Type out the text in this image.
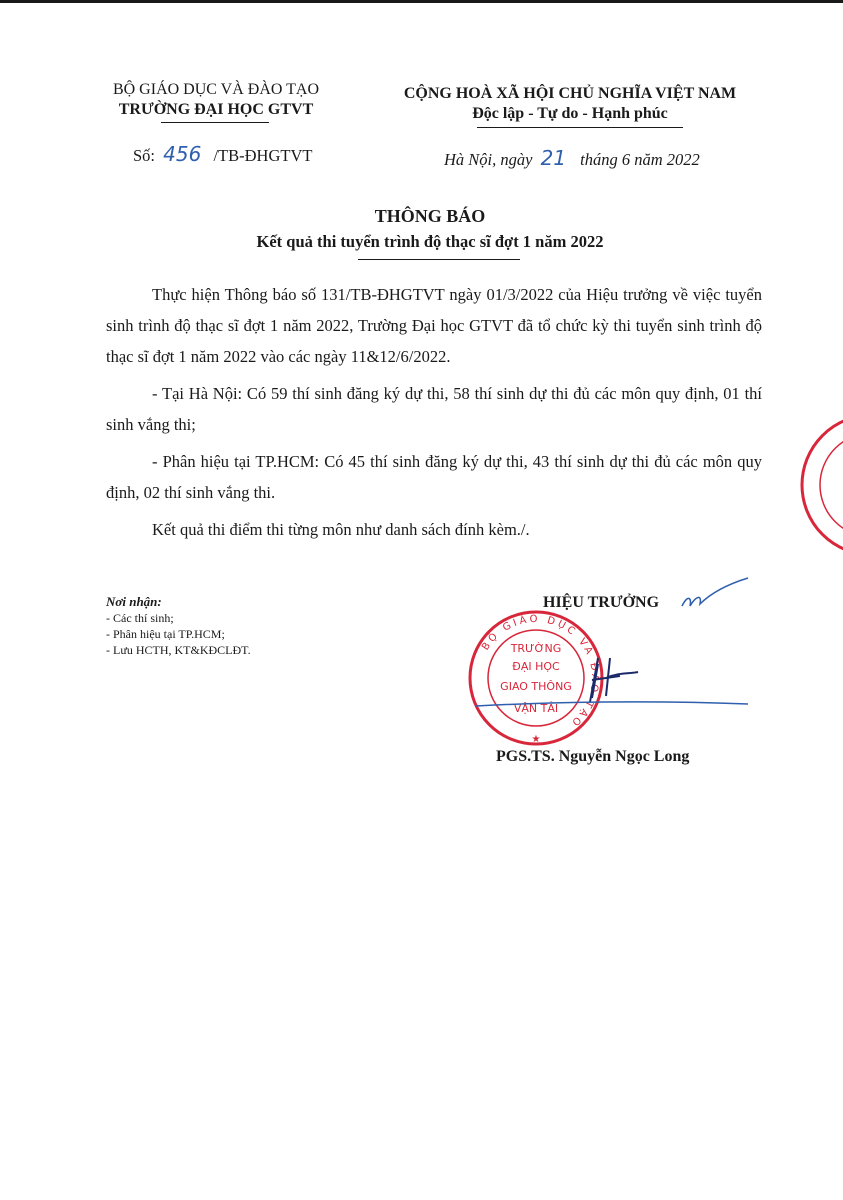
BỘ GIÁO DỤC VÀ ĐÀO TẠO
TRƯỜNG ĐẠI HỌC GTVT
Số: 456 /TB-ĐHGTVT
CỘNG HOÀ XÃ HỘI CHỦ NGHĨA VIỆT NAM
Độc lập - Tự do - Hạnh phúc
Hà Nội, ngày 21 tháng 6 năm 2022
THÔNG BÁO
Kết quả thi tuyển trình độ thạc sĩ đợt 1 năm 2022

Thực hiện Thông báo số 131/TB-ĐHGTVT ngày 01/3/2022 của Hiệu trưởng về việc tuyển sinh trình độ thạc sĩ đợt 1 năm 2022, Trường Đại học GTVT đã tổ chức kỳ thi tuyển sinh trình độ thạc sĩ đợt 1 năm 2022 vào các ngày 11&12/6/2022.

- Tại Hà Nội: Có 59 thí sinh đăng ký dự thi, 58 thí sinh dự thi đủ các môn quy định, 01 thí sinh vắng thi;

- Phân hiệu tại TP.HCM: Có 45 thí sinh đăng ký dự thi, 43 thí sinh dự thi đủ các môn quy định, 02 thí sinh vắng thi.

Kết quả thi điểm thi từng môn như danh sách đính kèm./.

Nơi nhận:
- Các thí sinh;
- Phân hiệu tại TP.HCM;
- Lưu HCTH, KT&KĐCLĐT.
HIỆU TRƯỞNG
BỘ GIÁO DỤC VÀ ĐÀO TẠO
TRƯỜNG
ĐẠI HỌC
GIAO THÔNG
VẬN TẢI
★
PGS.TS. Nguyễn Ngọc Long
